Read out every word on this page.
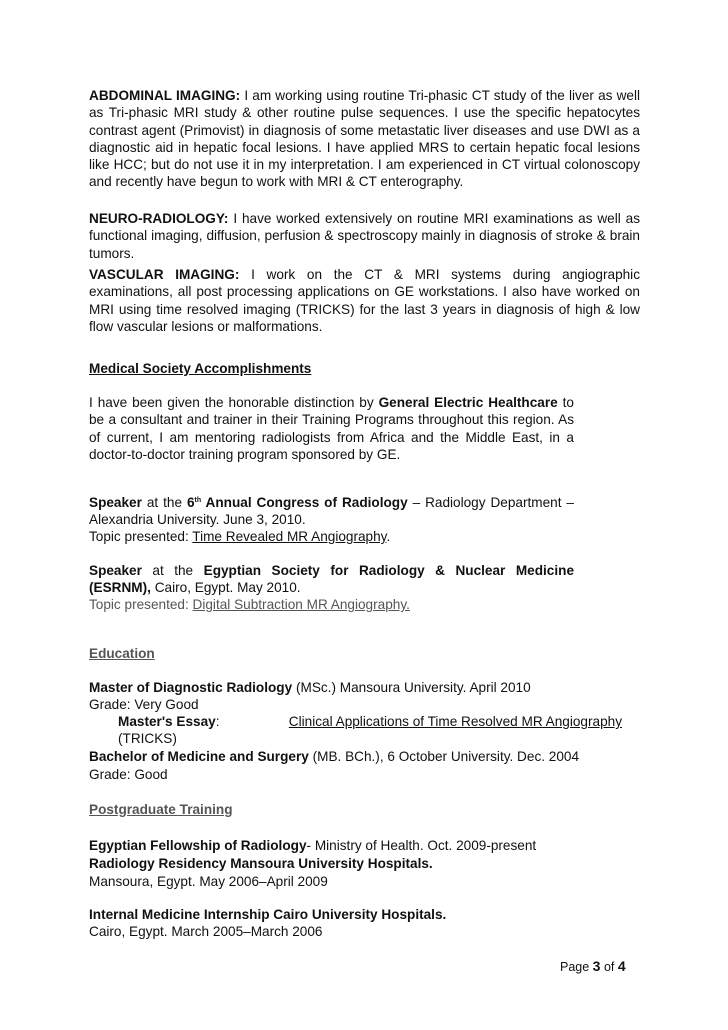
ABDOMINAL IMAGING: I am working using routine Tri-phasic CT study of the liver as well as Tri-phasic MRI study & other routine pulse sequences. I use the specific hepatocytes contrast agent (Primovist) in diagnosis of some metastatic liver diseases and use DWI as a diagnostic aid in hepatic focal lesions. I have applied MRS to certain hepatic focal lesions like HCC; but do not use it in my interpretation. I am experienced in CT virtual colonoscopy and recently have begun to work with MRI & CT enterography.
NEURO-RADIOLOGY: I have worked extensively on routine MRI examinations as well as functional imaging, diffusion, perfusion & spectroscopy mainly in diagnosis of stroke & brain tumors.
VASCULAR IMAGING: I work on the CT & MRI systems during angiographic examinations, all post processing applications on GE workstations. I also have worked on MRI using time resolved imaging (TRICKS) for the last 3 years in diagnosis of high & low flow vascular lesions or malformations.
Medical Society Accomplishments
I have been given the honorable distinction by General Electric Healthcare to be a consultant and trainer in their Training Programs throughout this region. As of current, I am mentoring radiologists from Africa and the Middle East, in a doctor-to-doctor training program sponsored by GE.
Speaker at the 6th Annual Congress of Radiology – Radiology Department – Alexandria University. June 3, 2010.
Topic presented: Time Revealed MR Angiography.
Speaker at the Egyptian Society for Radiology & Nuclear Medicine (ESRNM), Cairo, Egypt. May 2010.
Topic presented: Digital Subtraction MR Angiography.
Education
Master of Diagnostic Radiology (MSc.) Mansoura University. April 2010
Grade: Very Good
Master's Essay:	Clinical Applications of Time Resolved MR Angiography
(TRICKS)
Bachelor of Medicine and Surgery (MB. BCh.), 6 October University. Dec. 2004
Grade: Good
Postgraduate Training
Egyptian Fellowship of Radiology- Ministry of Health. Oct. 2009-present
Radiology Residency Mansoura University Hospitals.
Mansoura, Egypt. May 2006–April 2009
Internal Medicine Internship Cairo University Hospitals.
Cairo, Egypt. March 2005–March 2006
Page 3 of 4
